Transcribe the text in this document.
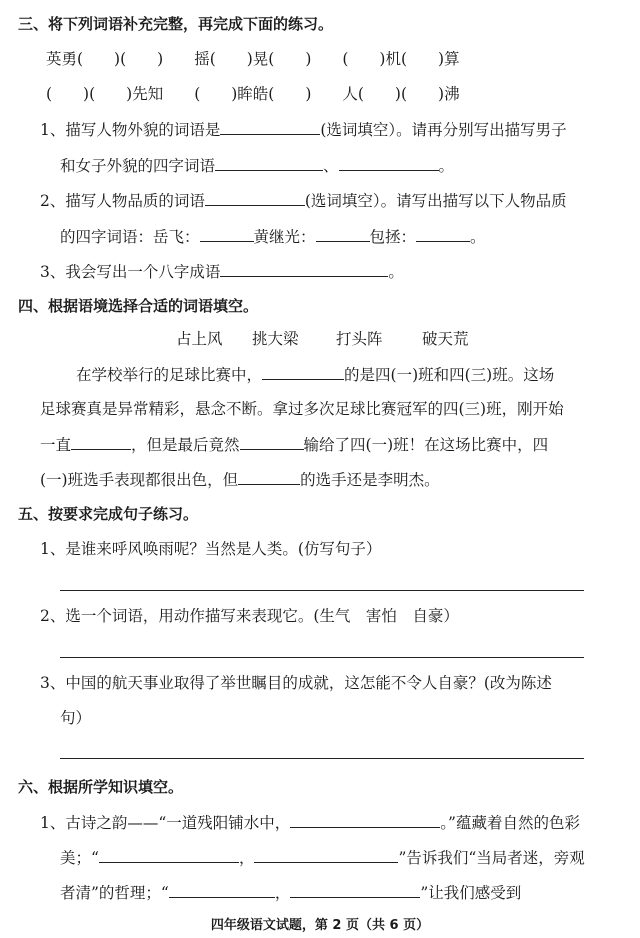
三、将下列词语补充完整，再完成下面的练习。
英勇(　　)(　　)　　摇(　　)晃(　　)　　(　　)机(　　)算
(　　)(　　)先知　　(　　)眸皓(　　)　　人(　　)(　　)沸
1、描写人物外貌的词语是	(选词填空）。请再分别写出描写男子
和女子外貌的四字词语	、	。
2、描写人物品质的词语	(选词填空）。请写出描写以下人物品质
的四字词语：岳飞：	黄继光：	包拯：	。
3、我会写出一个八字成语	。
四、根据语境选择合适的词语填空。
占上风 挑大梁 打头阵	破天荒
在学校举行的足球比赛中，	的是四(一)班和四(三)班。这场
足球赛真是异常精彩，悬念不断。拿过多次足球比赛冠军的四(三)班，刚开始
一直	，但是最后竟然	输给了四(一)班！在这场比赛中，四
(一)班选手表现都很出色，但	的选手还是李明杰。
五、按要求完成句子练习。
1、是谁来呼风唤雨呢？当然是人类。(仿写句子）
2、选一个词语，用动作描写来表现它。(生气　害怕　自豪）
3、中国的航天事业取得了举世瞩目的成就，这怎能不令人自豪？(改为陈述
句）
六、根据所学知识填空。
1、古诗之韵——“一道残阳铺水中，	。”蕴藏着自然的色彩
美；“	，	”告诉我们“当局者迷，旁观
者清”的哲理；“	，	”让我们感受到
四年级语文试题，第 2 页（共 6 页）
